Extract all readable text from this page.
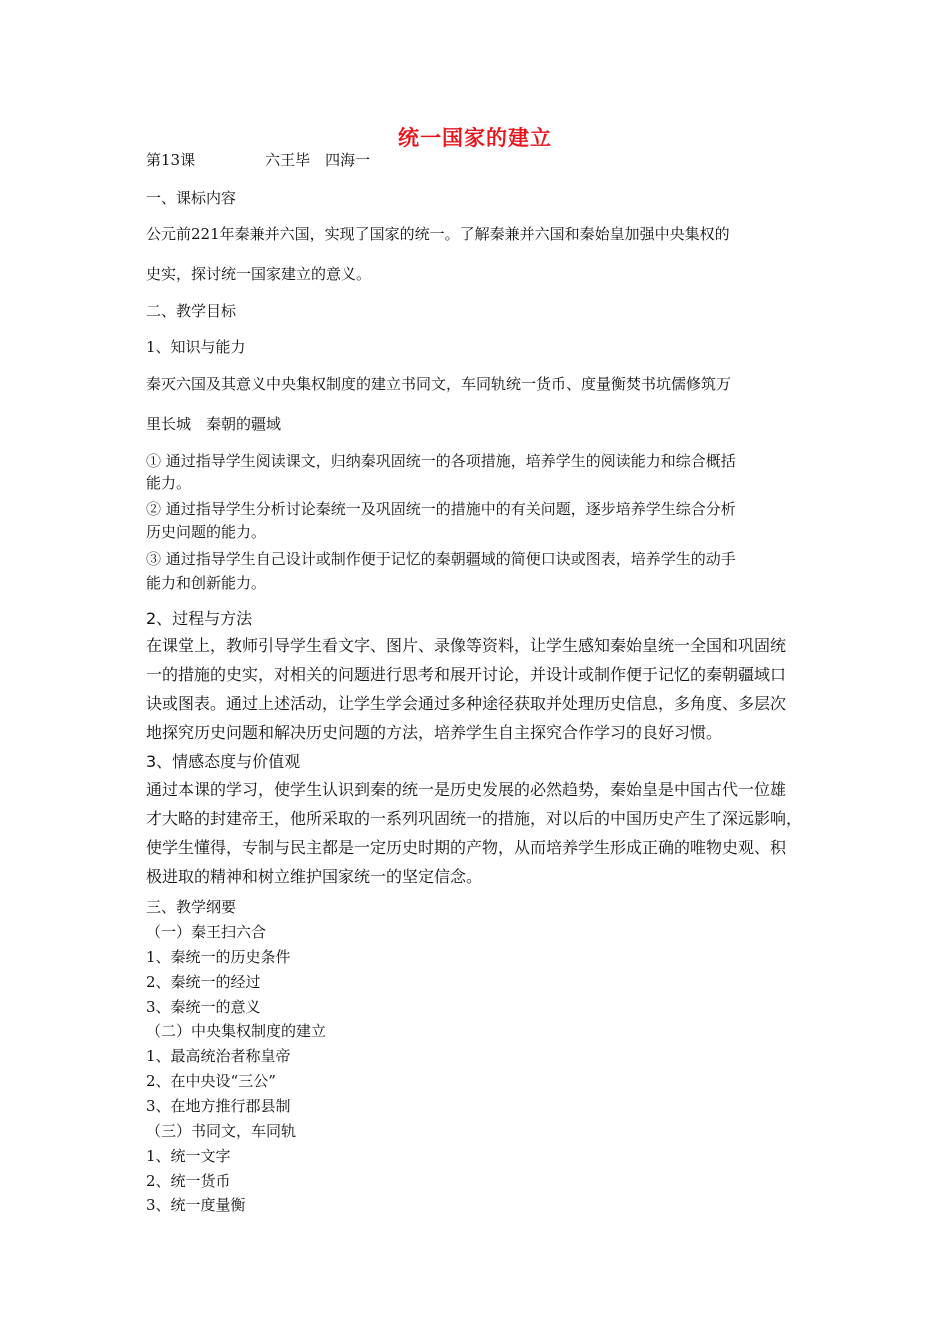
统一国家的建立
第13课	六王毕　四海一
一、课标内容
公元前221年秦兼并六国，实现了国家的统一。了解秦兼并六国和秦始皇加强中央集权的
史实，探讨统一国家建立的意义。
二、教学目标
1、知识与能力
秦灭六国及其意义中央集权制度的建立书同文，车同轨统一货币、度量衡焚书坑儒修筑万
里长城　秦朝的疆域
① 通过指导学生阅读课文，归纳秦巩固统一的各项措施，培养学生的阅读能力和综合概括
能力。
② 通过指导学生分析讨论秦统一及巩固统一的措施中的有关问题，逐步培养学生综合分析
历史问题的能力。
③ 通过指导学生自己设计或制作便于记忆的秦朝疆域的简便口诀或图表，培养学生的动手
能力和创新能力。
2、过程与方法
在课堂上，教师引导学生看文字、图片、录像等资料，让学生感知秦始皇统一全国和巩固统
一的措施的史实，对相关的问题进行思考和展开讨论，并设计或制作便于记忆的秦朝疆域口
诀或图表。通过上述活动，让学生学会通过多种途径获取并处理历史信息，多角度、多层次
地探究历史问题和解决历史问题的方法，培养学生自主探究合作学习的良好习惯。
3、情感态度与价值观
通过本课的学习，使学生认识到秦的统一是历史发展的必然趋势，秦始皇是中国古代一位雄
才大略的封建帝王，他所采取的一系列巩固统一的措施，对以后的中国历史产生了深远影响，
使学生懂得，专制与民主都是一定历史时期的产物，从而培养学生形成正确的唯物史观、积
极进取的精神和树立维护国家统一的坚定信念。
三、教学纲要
（一）秦王扫六合
1、秦统一的历史条件
2、秦统一的经过
3、秦统一的意义
（二）中央集权制度的建立
1、最高统治者称皇帝
2、在中央设“三公”
3、在地方推行郡县制
（三）书同文，车同轨
1、统一文字
2、统一货币
3、统一度量衡
